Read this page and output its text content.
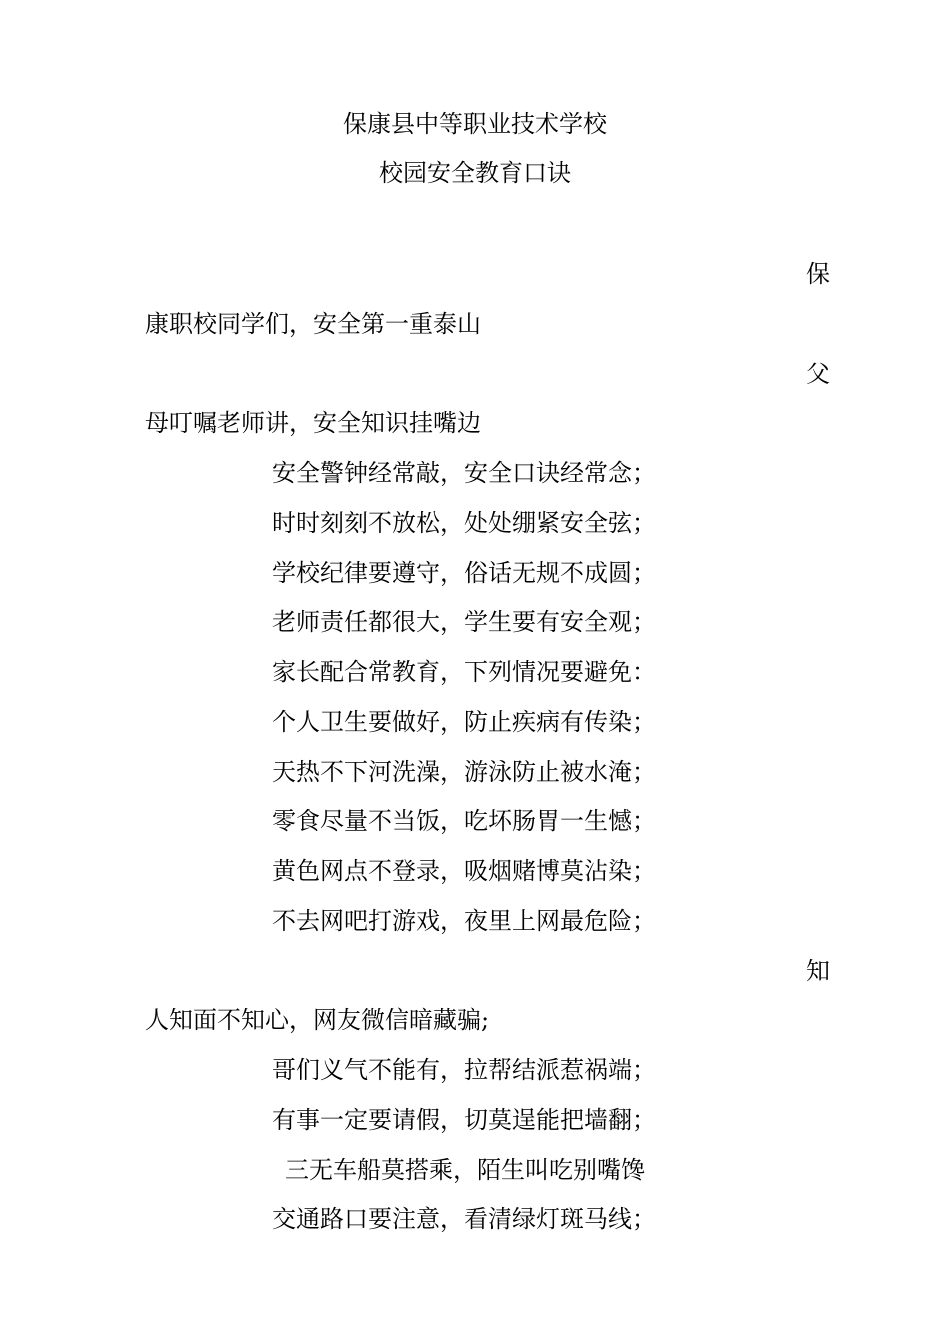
保康县中等职业技术学校

校园安全教育口诀

保

康职校同学们，安全第一重泰山

父

母叮嘱老师讲，安全知识挂嘴边

安全警钟经常敲，安全口诀经常念；

时时刻刻不放松，处处绷紧安全弦；

学校纪律要遵守，俗话无规不成圆；

老师责任都很大，学生要有安全观；

家长配合常教育，下列情况要避免：

个人卫生要做好，防止疾病有传染；

天热不下河洗澡，游泳防止被水淹；

零食尽量不当饭，吃坏肠胃一生憾；

黄色网点不登录，吸烟赌博莫沾染；

不去网吧打游戏，夜里上网最危险；

知

人知面不知心，网友微信暗藏骗;

哥们义气不能有，拉帮结派惹祸端；

有事一定要请假，切莫逞能把墙翻；

三无车船莫搭乘，陌生叫吃别嘴馋

交通路口要注意，看清绿灯斑马线；
